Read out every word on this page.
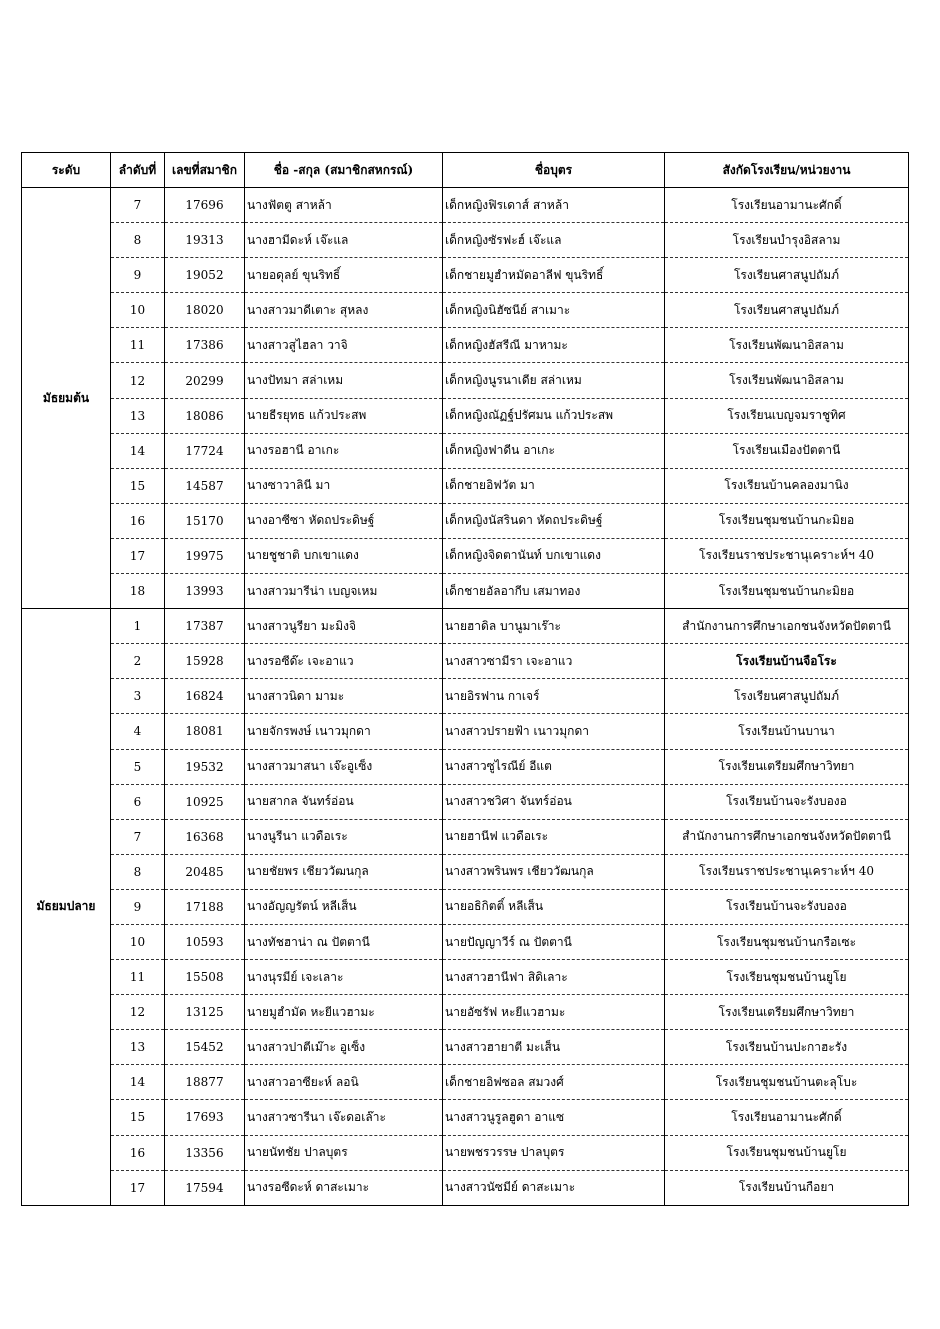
ระดับ	ลำดับที่	เลขที่สมาชิก	ชื่อ -สกุล (สมาชิกสหกรณ์)	ชื่อบุตร	สังกัดโรงเรียน/หน่วยงาน
มัธยมต้น	7	17696	นางฟัตตู สาหล้า	เด็กหญิงฟิรเดาส์ สาหล้า	โรงเรียนอามานะศักดิ์
	8	19313	นางฮามีดะห์ เจ๊ะแล	เด็กหญิงซัรฟะฮ์ เจ๊ะแล	โรงเรียนบำรุงอิสลาม
	9	19052	นายอดุลย์ ขุนริทธิ์	เด็กชายมูฮำหมัดอาลีฟ ขุนริทธิ์	โรงเรียนศาสนูปถัมภ์
	10	18020	นางสาวมาดีเตาะ สุหลง	เด็กหญิงนิฮัซนีย์ สาเมาะ	โรงเรียนศาสนูปถัมภ์
	11	17386	นางสาวสูไฮลา วาจิ	เด็กหญิงฮัสรีณี มาหามะ	โรงเรียนพัฒนาอิสลาม
	12	20299	นางปัทมา สล่าเหม	เด็กหญิงนูรนาเดีย สล่าเหม	โรงเรียนพัฒนาอิสลาม
	13	18086	นายธีรยุทธ แก้วประสพ	เด็กหญิงณัฏฐ์ปรัศมน แก้วประสพ	โรงเรียนเบญจมราชูทิศ
	14	17724	นางรอฮานี อาเกะ	เด็กหญิงฟาดีน อาเกะ	โรงเรียนเมืองปัตตานี
	15	14587	นางซาวาลินี มา	เด็กชายอิฟวัต มา	โรงเรียนบ้านคลองมานิง
	16	15170	นางอาซีซา หัดถประดิษฐ์	เด็กหญิงนัสรินดา หัดถประดิษฐ์	โรงเรียนชุมชนบ้านกะมิยอ
	17	19975	นายชูชาติ บกเขาแดง	เด็กหญิงจิดตานันท์ บกเขาแดง	โรงเรียนราชประชานุเคราะห์ฯ 40
	18	13993	นางสาวมารีน่า เบญจเหม	เด็กชายอัลอากีบ เสมาทอง	โรงเรียนชุมชนบ้านกะมิยอ
มัธยมปลาย	1	17387	นางสาวนูรียา มะมิงจิ	นายฮาดิล บานูมาเร๊าะ	สำนักงานการศึกษาเอกชนจังหวัดปัตตานี
	2	15928	นางรอซีด๊ะ เจะอาแว	นางสาวซามีรา เจะอาแว	โรงเรียนบ้านจือโระ
	3	16824	นางสาวนิดา มามะ	นายอิรฟาน กาเจร์	โรงเรียนศาสนูปถัมภ์
	4	18081	นายจักรพงษ์ เนาวมุกดา	นางสาวปรายฟ้า เนาวมุกดา	โรงเรียนบ้านบานา
	5	19532	นางสาวมาสนา เจ๊ะอูเซ็ง	นางสาวซูไรณีย์ อีแต	โรงเรียนเตรียมศึกษาวิทยา
	6	10925	นายสากล จันทร์อ่อน	นางสาวชวิศา จันทร์อ่อน	โรงเรียนบ้านจะรังบองอ
	7	16368	นางนูรีนา แวดือเระ	นายฮานีฟ แวดือเระ	สำนักงานการศึกษาเอกชนจังหวัดปัตตานี
	8	20485	นายชัยพร เชียววัฒนกุล	นางสาวพรินพร เชียววัฒนกุล	โรงเรียนราชประชานุเคราะห์ฯ 40
	9	17188	นางอัญญรัตน์ หลีเส็น	นายอธิกิตติ์ หลีเส็น	โรงเรียนบ้านจะรังบองอ
	10	10593	นางทัชฮาน่า ณ ปัตตานี	นายปัญญาวีร์ ณ ปัตตานี	โรงเรียนชุมชนบ้านกรือเซะ
	11	15508	นางนุรมีย์ เจะเลาะ	นางสาวฮานีฟา สิดิเลาะ	โรงเรียนชุมชนบ้านยูโย
	12	13125	นายมูฮำมัด หะยีแวฮามะ	นายอัซรัฟ หะยีแวฮามะ	โรงเรียนเตรียมศึกษาวิทยา
	13	15452	นางสาวปาตีเม๊าะ อูเซ็ง	นางสาวฮายาตี มะเส็น	โรงเรียนบ้านปะกาฮะรัง
	14	18877	นางสาวอาซียะห์ ลอนิ	เด็กชายอิฟซอล สมวงศ์	โรงเรียนชุมชนบ้านตะลุโบะ
	15	17693	นางสาวซารีนา เจ๊ะดอเล๊าะ	นางสาวนูรูลฮูดา อาแซ	โรงเรียนอามานะศักดิ์
	16	13356	นายนัทชัย ปาลบุตร	นายพชรวรรษ ปาลบุตร	โรงเรียนชุมชนบ้านยูโย
	17	17594	นางรอซีดะห์ ดาสะเมาะ	นางสาวนัซมีย์ ดาสะเมาะ	โรงเรียนบ้านกือยา
